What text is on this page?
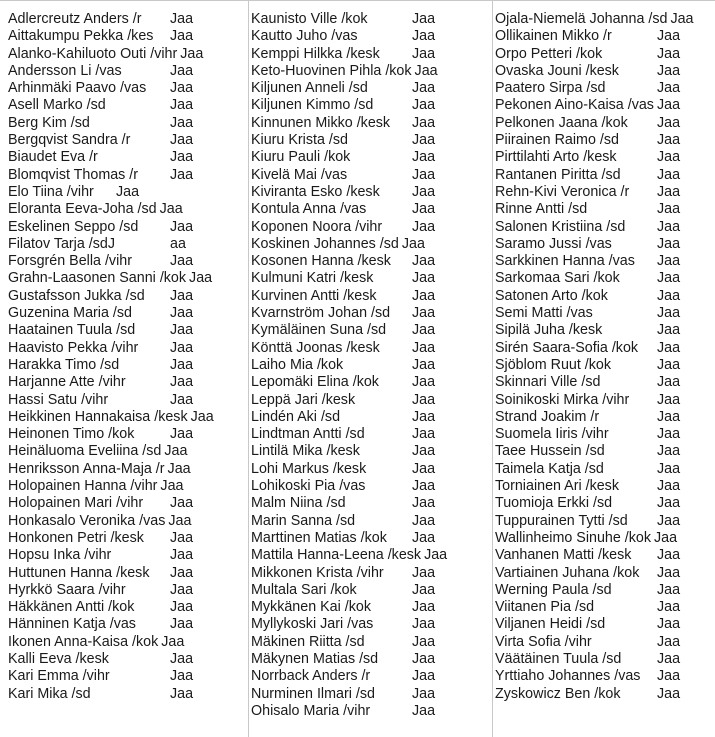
Adlercreutz Anders /r Jaa
Aittakumpu Pekka /kes Jaa
Alanko-Kahiluoto Outi /vihr Jaa
Andersson Li /vas	Jaa
Arhinmäki Paavo /vas Jaa
Asell Marko /sd	Jaa
Berg Kim /sd	Jaa
Bergqvist Sandra /r	Jaa
Biaudet Eva /r	Jaa
Blomqvist Thomas /r Jaa
Elo Tiina /vihr Jaa
Eloranta Eeva-Joha /sd Jaa
Eskelinen Seppo /sd Jaa
Filatov Tarja /sdJ	aa
Forsgrén Bella /vihr	Jaa
Grahn-Laasonen Sanni /kok Jaa
Gustafsson Jukka /sd Jaa
Guzenina Maria /sd	Jaa
Haatainen Tuula /sd Jaa
Haavisto Pekka /vihr Jaa
Harakka Timo /sd	Jaa
Harjanne Atte /vihr	Jaa
Hassi Satu /vihr	Jaa
Heikkinen Hannakaisa /kesk Jaa
Heinonen Timo /kok Jaa
Heinäluoma Eveliina /sd Jaa
Henriksson Anna-Maja /r Jaa
Holopainen Hanna /vihr Jaa
Holopainen Mari /vihr Jaa
Honkasalo Veronika /vas Jaa
Honkonen Petri /kesk Jaa
Hopsu Inka /vihr	Jaa
Huttunen Hanna /kesk Jaa
Hyrkkö Saara /vihr	Jaa
Häkkänen Antti /kok Jaa
Hänninen Katja /vas Jaa
Ikonen Anna-Kaisa /kok Jaa
Kalli Eeva /kesk	Jaa
Kari Emma /vihr	Jaa
Kari Mika /sd	Jaa
Kaunisto Ville /kok	Jaa
Kautto Juho /vas	Jaa
Kemppi Hilkka /kesk Jaa
Keto-Huovinen Pihla /kok Jaa
Kiljunen Anneli /sd	Jaa
Kiljunen Kimmo /sd	Jaa
Kinnunen Mikko /kesk Jaa
Kiuru Krista /sd	Jaa
Kiuru Pauli /kok	Jaa
Kivelä Mai /vas	Jaa
Kiviranta Esko /kesk Jaa
Kontula Anna /vas	Jaa
Koponen Noora /vihr Jaa
Koskinen Johannes /sd Jaa
Kosonen Hanna /kesk Jaa
Kulmuni Katri /kesk	Jaa
Kurvinen Antti /kesk Jaa
Kvarnström Johan /sd Jaa
Kymäläinen Suna /sd Jaa
Könttä Joonas /kesk Jaa
Laiho Mia /kok	Jaa
Lepomäki Elina /kok Jaa
Leppä Jari /kesk	Jaa
Lindén Aki /sd	Jaa
Lindtman Antti /sd	Jaa
Lintilä Mika /kesk	Jaa
Lohi Markus /kesk	Jaa
Lohikoski Pia /vas	Jaa
Malm Niina /sd	Jaa
Marin Sanna /sd	Jaa
Marttinen Matias /kok Jaa
Mattila Hanna-Leena /kesk Jaa
Mikkonen Krista /vihr Jaa
Multala Sari /kok	Jaa
Mykkänen Kai /kok	Jaa
Myllykoski Jari /vas	Jaa
Mäkinen Riitta /sd	Jaa
Mäkynen Matias /sd Jaa
Norrback Anders /r	Jaa
Nurminen Ilmari /sd	Jaa
Ohisalo Maria /vihr	Jaa
Ojala-Niemelä Johanna /sd Jaa
Ollikainen Mikko /r	Jaa
Orpo Petteri /kok	Jaa
Ovaska Jouni /kesk	Jaa
Paatero Sirpa /sd	Jaa
Pekonen Aino-Kaisa /vas Jaa
Pelkonen Jaana /kok Jaa
Piirainen Raimo /sd	Jaa
Pirttilahti Arto /kesk	Jaa
Rantanen Piritta /sd	Jaa
Rehn-Kivi Veronica /r Jaa
Rinne Antti /sd	Jaa
Salonen Kristiina /sd Jaa
Saramo Jussi /vas	Jaa
Sarkkinen Hanna /vas Jaa
Sarkomaa Sari /kok	Jaa
Satonen Arto /kok	Jaa
Semi Matti /vas	Jaa
Sipilä Juha /kesk	Jaa
Sirén Saara-Sofia /kok Jaa
Sjöblom Ruut /kok	Jaa
Skinnari Ville /sd	Jaa
Soinikoski Mirka /vihr Jaa
Strand Joakim /r	Jaa
Suomela Iiris /vihr	Jaa
Taee Hussein /sd	Jaa
Taimela Katja /sd	Jaa
Torniainen Ari /kesk	Jaa
Tuomioja Erkki /sd	Jaa
Tuppurainen Tytti /sd Jaa
Wallinheimo Sinuhe /kok Jaa
Vanhanen Matti /kesk Jaa
Vartiainen Juhana /kok Jaa
Werning Paula /sd	Jaa
Viitanen Pia /sd	Jaa
Viljanen Heidi /sd	Jaa
Virta Sofia /vihr	Jaa
Väätäinen Tuula /sd Jaa
Yrttiaho Johannes /vas Jaa
Zyskowicz Ben /kok	Jaa
